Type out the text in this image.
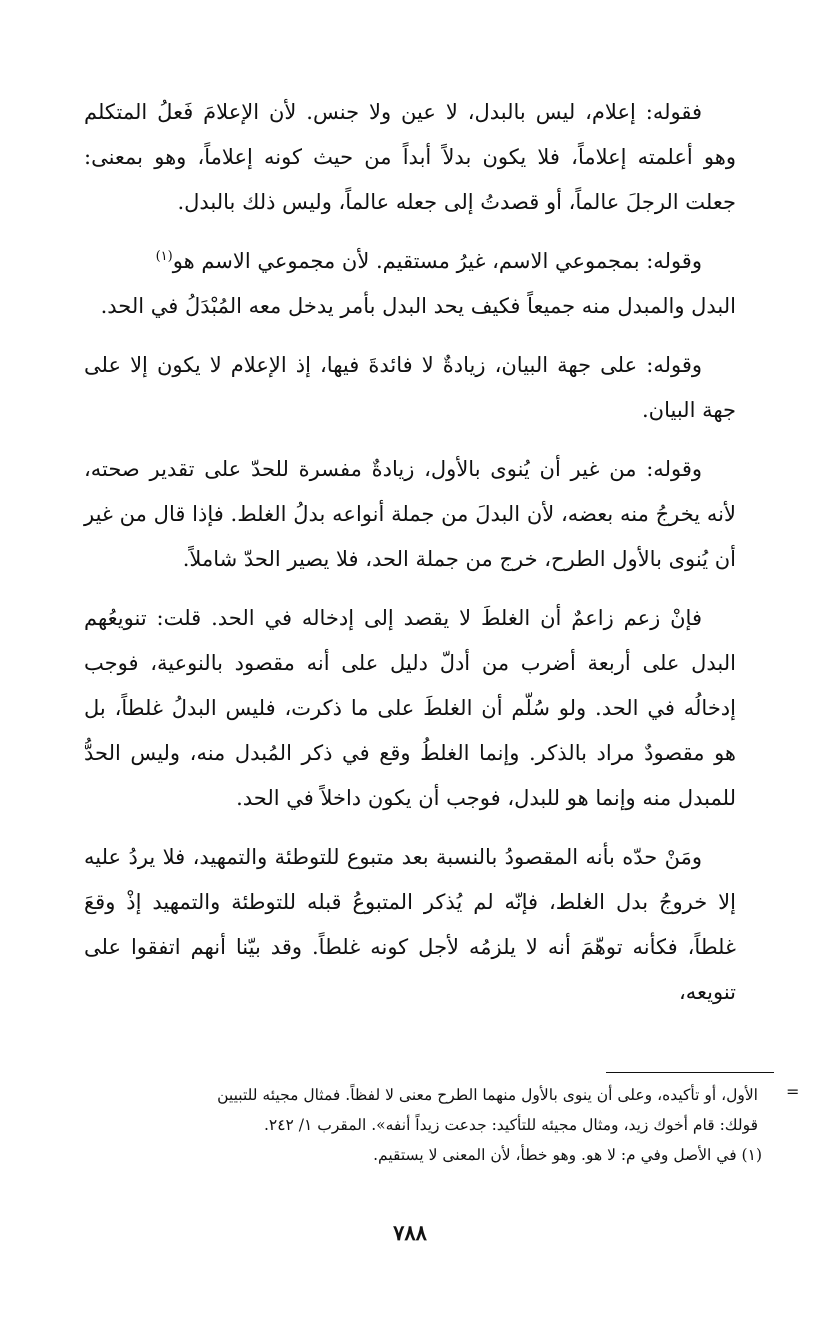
فقوله: إعلام، ليس بالبدل، لا عين ولا جنس. لأن الإعلامَ فَعلُ المتكلم وهو أعلمته إعلاماً، فلا يكون بدلاً أبداً من حيث كونه إعلاماً، وهو بمعنى: جعلت الرجلَ عالماً، أو قصدتُ إلى جعله عالماً، وليس ذلك بالبدل.

وقوله: بمجموعي الاسم، غيرُ مستقيم. لأن مجموعي الاسم هو$^{(١)}$

البدل والمبدل منه جميعاً فكيف يحد البدل بأمر يدخل معه المُبْدَلُ في الحد.

وقوله: على جهة البيان، زيادةٌ لا فائدةَ فيها، إذ الإعلام لا يكون إلا على جهة البيان.

وقوله: من غير أن يُنوى بالأول، زيادةٌ مفسرة للحدّ على تقدير صحته، لأنه يخرجُ منه بعضه، لأن البدلَ من جملة أنواعه بدلُ الغلط. فإذا قال من غير أن يُنوى بالأول الطرح، خرج من جملة الحد، فلا يصير الحدّ شاملاً.

فإنْ زعم زاعمٌ أن الغلطَ لا يقصد إلى إدخاله في الحد. قلت: تنويعُهم البدل على أربعة أضرب من أدلّ دليل على أنه مقصود بالنوعية، فوجب إدخالُه في الحد. ولو سُلّم أن الغلطَ على ما ذكرت، فليس البدلُ غلطاً، بل هو مقصودٌ مراد بالذكر. وإنما الغلطُ وقع في ذكر المُبدل منه، وليس الحدُّ للمبدل منه وإنما هو للبدل، فوجب أن يكون داخلاً في الحد.

ومَنْ حدّه بأنه المقصودُ بالنسبة بعد متبوع للتوطئة والتمهيد، فلا يردُ عليه إلا خروجُ بدل الغلط، فإنّه لم يُذكر المتبوعُ قبله للتوطئة والتمهيد إذْ وقعَ غلطاً، فكأنه توهّمَ أنه لا يلزمُه لأجل كونه غلطاً. وقد بيّنا أنهم اتفقوا على تنويعه،

=

الأول، أو تأكيده، وعلى أن ينوى بالأول منهما الطرح معنى لا لفظاً. فمثال مجيئه للتبيين

قولك: قام أخوك زيد، ومثال مجيئه للتأكيد: جدعت زيداً أنفه». المقرب ١/ ٢٤٢.

(١) في الأصل وفي م: لا هو. وهو خطأ، لأن المعنى لا يستقيم.

٧٨٨
